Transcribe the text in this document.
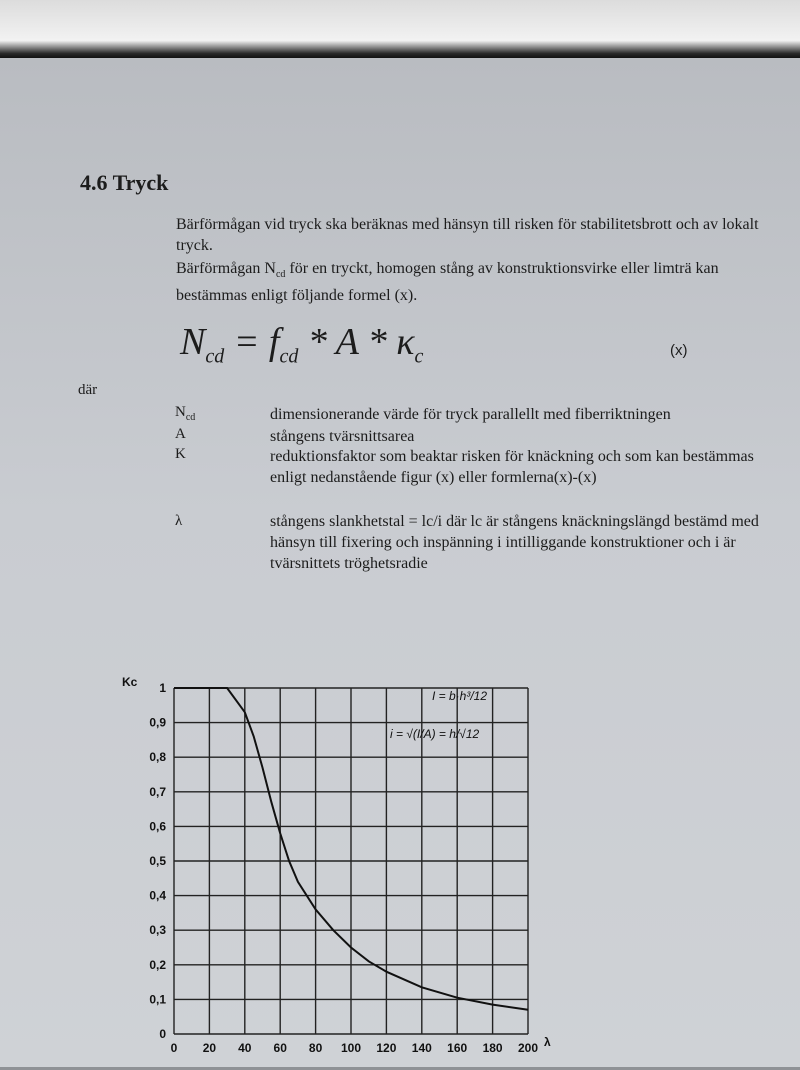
4.6 Tryck
Bärförmågan vid tryck ska beräknas med hänsyn till risken för stabilitetsbrott och av lokalt tryck.
Bärförmågan $N_{cd}$ för en tryckt, homogen stång av konstruktionsvirke eller limträ kan bestämmas enligt följande formel (x).
$N_{cd} = f_{cd} * A * \kappa_c$	(x)
där
$N_{cd}$	dimensionerande värde för tryck parallellt med fiberriktningen
A	stångens tvärsnittsarea
K	reduktionsfaktor som beaktar risken för knäckning och som kan bestämmas enligt nedanstående figur (x) eller formlerna(x)-(x)
λ	stångens slankhetstal = lc/i där lc är stångens knäckningslängd bestämd med hänsyn till fixering och inspänning i intilliggande konstruktioner och i är tvärsnittets tröghetsradie
0
0,1
0,2
0,3
0,4
0,5
0,6
0,7
0,8
0,9
1
0 20 40 60 80 100 120 140 160 180 200
Kc
λ
I = b·h³/12
i = √(I/A) = h/√12
